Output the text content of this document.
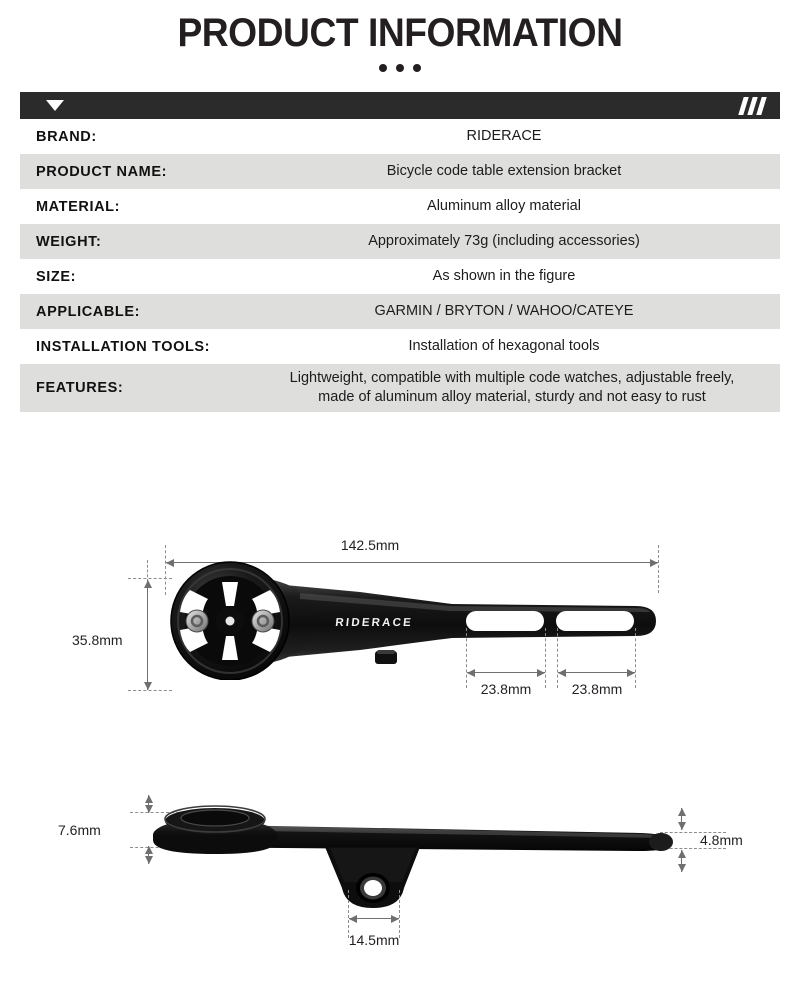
PRODUCT INFORMATION
BRAND:	RIDERACE
PRODUCT NAME:	Bicycle code table extension bracket
MATERIAL:	Aluminum alloy material
WEIGHT:	Approximately 73g (including accessories)
SIZE:	As shown in the figure
APPLICABLE:	GARMIN / BRYTON / WAHOO/CATEYE
INSTALLATION TOOLS:	Installation of hexagonal tools
FEATURES:
Lightweight, compatible with multiple code watches, adjustable freely,
made of aluminum alloy material, sturdy and not easy to rust
142.5mm
35.8mm
RIDERACE
23.8mm	23.8mm
7.6mm
4.8mm
14.5mm
